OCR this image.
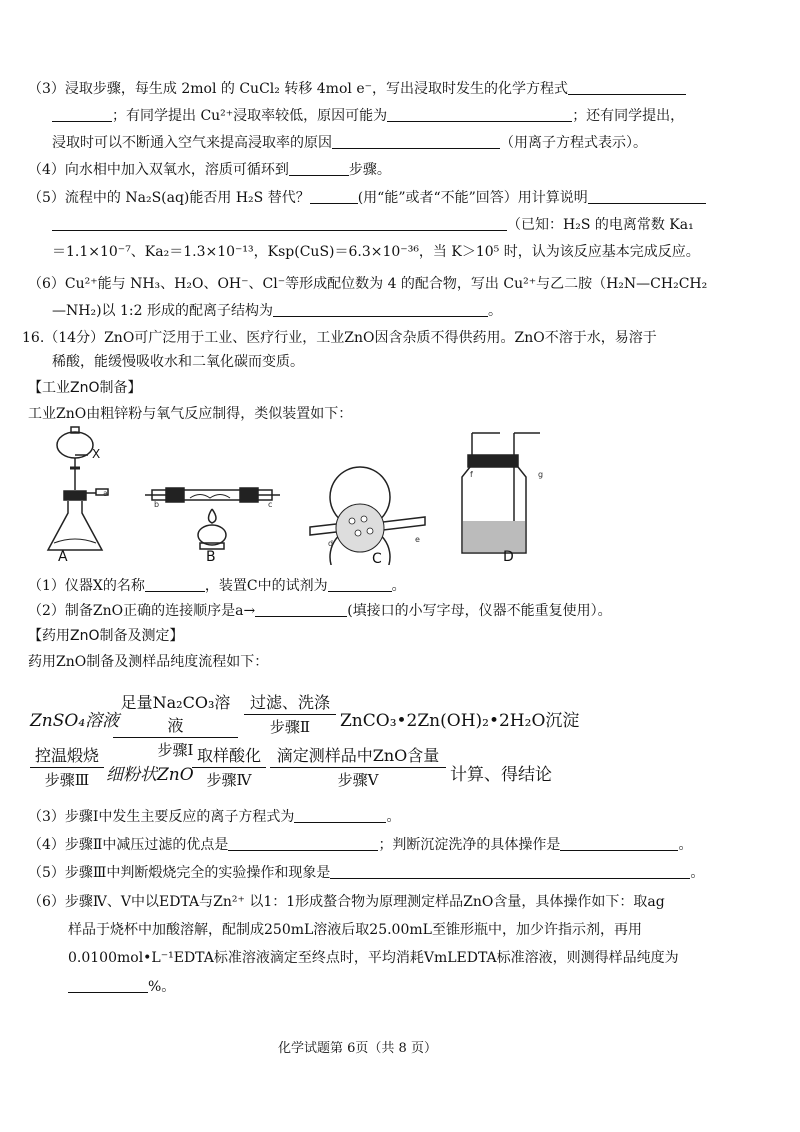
（3）浸取步骤，每生成 2mol 的 CuCl₂ 转移 4mol e⁻，写出浸取时发生的化学方程式
；有同学提出 Cu²⁺浸取率较低，原因可能为	；还有同学提出，
浸取时可以不断通入空气来提高浸取率的原因	（用离子方程式表示）。
（4）向水相中加入双氧水，溶质可循环到	步骤。
（5）流程中的 Na₂S(aq)能否用 H₂S 替代？	(用“能”或者“不能”回答）用计算说明
（已知：H₂S 的电离常数 Ka₁
＝1.1×10⁻⁷、Ka₂＝1.3×10⁻¹³，Ksp(CuS)＝6.3×10⁻³⁶，当 K＞10⁵ 时，认为该反应基本完成反应。
（6）Cu²⁺能与 NH₃、H₂O、OH⁻、Cl⁻等形成配位数为 4 的配合物，写出 Cu²⁺与乙二胺（H₂N—CH₂CH₂
—NH₂)以 1:2 形成的配离子结构为	。
16.（14分）ZnO可广泛用于工业、医疗行业，工业ZnO因含杂质不得供药用。ZnO不溶于水，易溶于
稀酸，能缓慢吸收水和二氧化碳而变质。
【工业ZnO制备】
工业ZnO由粗锌粉与氧气反应制得，类似装置如下：
X
A	B	C	D
a
b	c
d	e
f	g
（1）仪器X的名称	，装置C中的试剂为	。
（2）制备ZnO正确的连接顺序是a→	(填接口的小写字母，仪器不能重复使用）。
【药用ZnO制备及测定】
药用ZnO制备及测样品纯度流程如下：
ZnSO₄溶液
足量Na₂CO₃溶液
步骤Ⅰ
过滤、洗涤
步骤Ⅱ	ZnCO₃•2Zn(OH)₂•2H₂O沉淀
控温煅烧
步骤Ⅲ 细粉状ZnO
取样酸化
步骤Ⅳ
滴定测样品中ZnO含量
步骤Ⅴ	计算、得结论
（3）步骤Ⅰ中发生主要反应的离子方程式为	。
（4）步骤Ⅱ中减压过滤的优点是	；判断沉淀洗净的具体操作是	。
（5）步骤Ⅲ中判断煅烧完全的实验操作和现象是	。
（6）步骤Ⅳ、Ⅴ中以EDTA与Zn²⁺ 以1：1形成螯合物为原理测定样品ZnO含量，具体操作如下：取ag
样品于烧杯中加酸溶解，配制成250mL溶液后取25.00mL至锥形瓶中，加少许指示剂，再用
0.0100mol•L⁻¹EDTA标准溶液滴定至终点时，平均消耗VmLEDTA标准溶液，则测得样品纯度为
%。
化学试题第 6页（共 8 页）
